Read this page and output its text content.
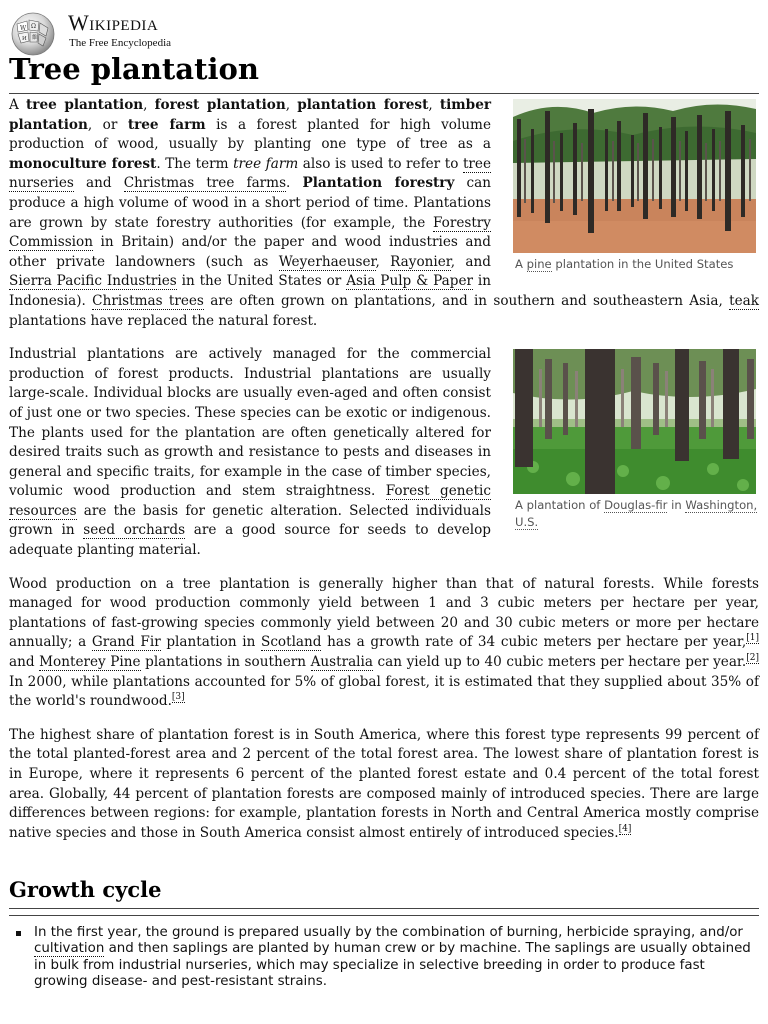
W Ω
И 維
Wikipedia
The Free Encyclopedia
Tree plantation

A pine plantation in the United States
A tree plantation, forest plantation, plantation forest, timber plantation, or tree farm is a forest planted for high volume production of wood, usually by planting one type of tree as a monoculture forest. The term tree farm also is used to refer to tree nurseries and Christmas tree farms. Plantation forestry can produce a high volume of wood in a short period of time. Plantations are grown by state forestry authorities (for example, the Forestry Commission in Britain) and/or the paper and wood industries and other private landowners (such as Weyerhaeuser, Rayonier, and Sierra Pacific Industries in the United States or Asia Pulp & Paper in Indonesia). Christmas trees are often grown on plantations, and in southern and southeastern Asia, teak plantations have replaced the natural forest.

A plantation of Douglas-fir in Washington, U.S.
Industrial plantations are actively managed for the commercial production of forest products. Industrial plantations are usually large-scale. Individual blocks are usually even-aged and often consist of just one or two species. These species can be exotic or indigenous. The plants used for the plantation are often genetically altered for desired traits such as growth and resistance to pests and diseases in general and specific traits, for example in the case of timber species, volumic wood production and stem straightness. Forest genetic resources are the basis for genetic alteration. Selected individuals grown in seed orchards are a good source for seeds to develop adequate planting material.

Wood production on a tree plantation is generally higher than that of natural forests. While forests managed for wood production commonly yield between 1 and 3 cubic meters per hectare per year, plantations of fast-growing species commonly yield between 20 and 30 cubic meters or more per hectare annually; a Grand Fir plantation in Scotland has a growth rate of 34 cubic meters per hectare per year,[1] and Monterey Pine plantations in southern Australia can yield up to 40 cubic meters per hectare per year.[2] In 2000, while plantations accounted for 5% of global forest, it is estimated that they supplied about 35% of the world's roundwood.[3]

The highest share of plantation forest is in South America, where this forest type represents 99 percent of the total planted-forest area and 2 percent of the total forest area. The lowest share of plantation forest is in Europe, where it represents 6 percent of the planted forest estate and 0.4 percent of the total forest area. Globally, 44 percent of plantation forests are composed mainly of introduced species. There are large differences between regions: for example, plantation forests in North and Central America mostly comprise native species and those in South America consist almost entirely of introduced species.[4]

Growth cycle
In the first year, the ground is prepared usually by the combination of burning, herbicide spraying, and/or cultivation and then saplings are planted by human crew or by machine. The saplings are usually obtained in bulk from industrial nurseries, which may specialize in selective breeding in order to produce fast growing disease- and pest-resistant strains.
